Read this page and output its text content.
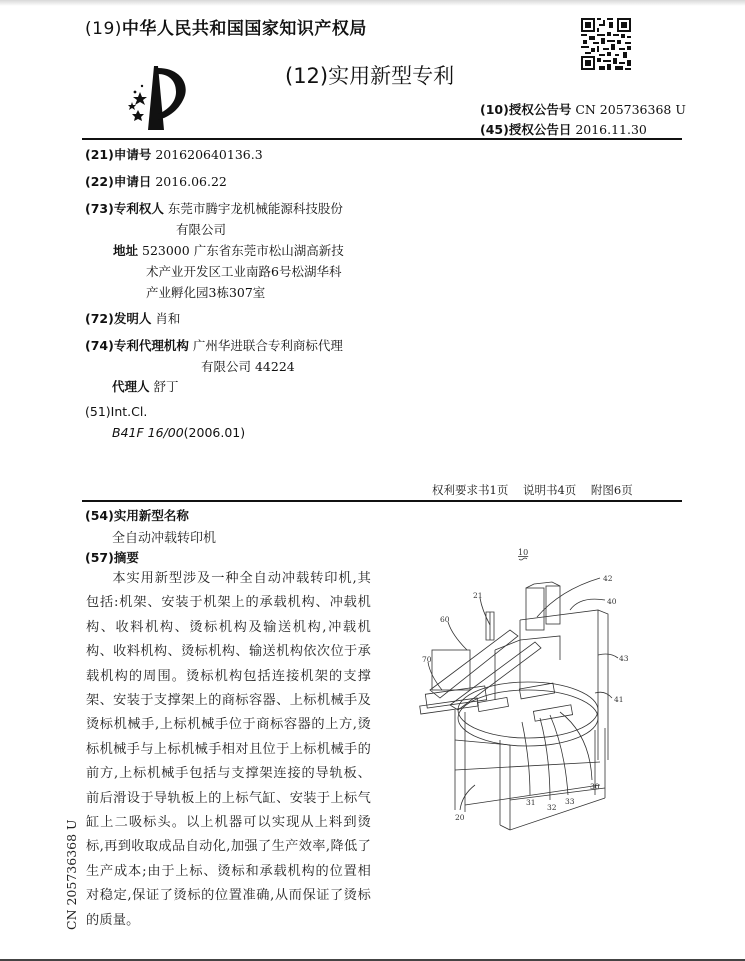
(19)中华人民共和国国家知识产权局
(12)实用新型专利
(10)授权公告号 CN 205736368 U
(45)授权公告日 2016.11.30
(21)申请号 201620640136.3
(22)申请日 2016.06.22
(73)专利权人 东莞市腾宇龙机械能源科技股份
有限公司
地址 523000 广东省东莞市松山湖高新技
术产业开发区工业南路6号松湖华科
产业孵化园3栋307室
(72)发明人 肖和
(74)专利代理机构 广州华进联合专利商标代理
有限公司 44224
代理人 舒丁
(51)Int.Cl.
B41F 16/00(2006.01)
权利要求书1页 说明书4页 附图6页
(54)实用新型名称
全自动冲载转印机
(57)摘要
本实用新型涉及一种全自动冲载转印机,其包括:机架、安装于机架上的承载机构、冲载机构、收料机构、烫标机构及输送机构,冲载机构、收料机构、烫标机构、输送机构依次位于承载机构的周围。烫标机构包括连接机架的支撑架、安装于支撑架上的商标容器、上标机械手及烫标机械手,上标机械手位于商标容器的上方,烫标机械手与上标机械手相对且位于上标机械手的前方,上标机械手包括与支撑架连接的导轨板、前后滑设于导轨板上的上标气缸、安装于上标气缸上二吸标头。以上机器可以实现从上料到烫标,再到收取成品自动化,加强了生产效率,降低了生产成本;由于上标、烫标和承载机构的位置相对稳定,保证了烫标的位置准确,从而保证了烫标的质量。
10
42
40
21
60
70	43
41
20
31
32
33
30
CN 205736368 U
